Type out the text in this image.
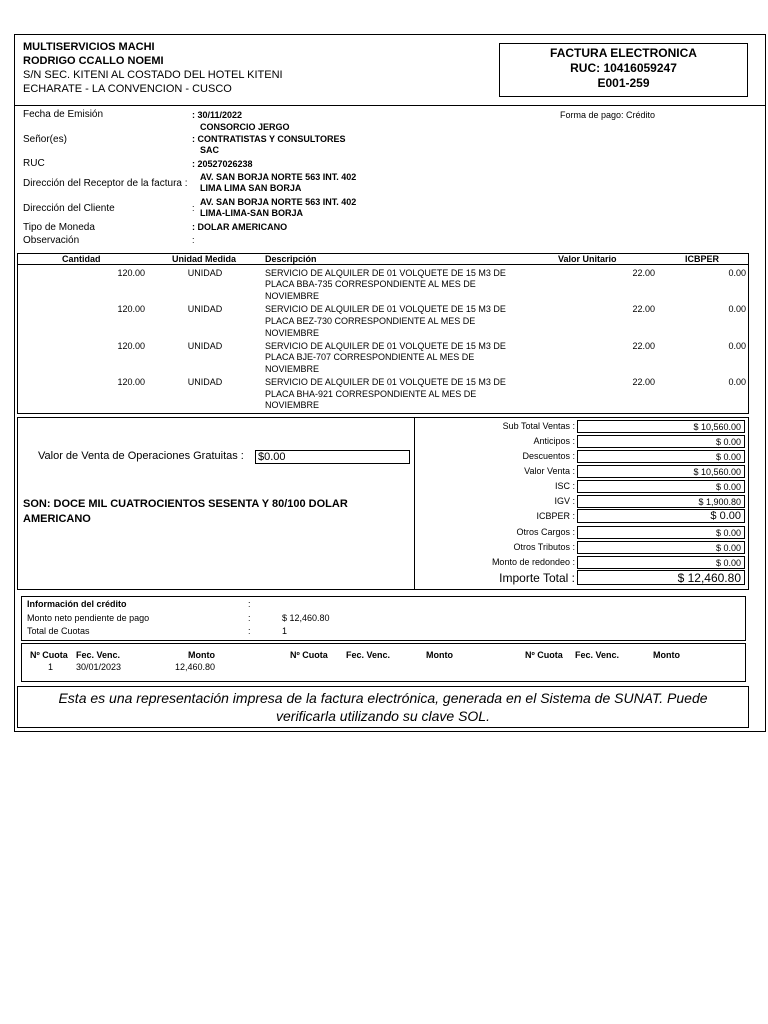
MULTISERVICIOS MACHI
RODRIGO CCALLO NOEMI
S/N SEC. KITENI AL COSTADO DEL HOTEL KITENI
ECHARATE - LA CONVENCION - CUSCO
FACTURA ELECTRONICA
RUC: 10416059247
E001-259
Fecha de Emisión	: 30/11/2022	Forma de pago: Crédito
Señor(es)
CONSORCIO JERGO
: CONTRATISTAS Y CONSULTORES
SAC
RUC	: 20527026238
Dirección del Receptor de la factura :
AV. SAN BORJA NORTE 563 INT. 402
LIMA LIMA SAN BORJA
Dirección del Cliente	:
AV. SAN BORJA NORTE 563 INT. 402
LIMA-LIMA-SAN BORJA
Tipo de Moneda	: DOLAR AMERICANO
Observación	:
Cantidad	Unidad Medida	Descripción	Valor Unitario	ICBPER
120.00	UNIDAD	SERVICIO DE ALQUILER DE 01 VOLQUETE DE 15 M3 DE
PLACA BBA-735 CORRESPONDIENTE AL MES DE
NOVIEMBRE
22.00	0.00
120.00	UNIDAD	SERVICIO DE ALQUILER DE 01 VOLQUETE DE 15 M3 DE
PLACA BEZ-730 CORRESPONDIENTE AL MES DE
NOVIEMBRE
22.00	0.00
120.00	UNIDAD	SERVICIO DE ALQUILER DE 01 VOLQUETE DE 15 M3 DE
PLACA BJE-707 CORRESPONDIENTE AL MES DE
NOVIEMBRE
22.00	0.00
120.00	UNIDAD	SERVICIO DE ALQUILER DE 01 VOLQUETE DE 15 M3 DE
PLACA BHA-921 CORRESPONDIENTE AL MES DE
NOVIEMBRE
22.00	0.00
Valor de Venta de Operaciones Gratuitas : $0.00
SON: DOCE MIL CUATROCIENTOS SESENTA Y 80/100 DOLAR
AMERICANO
Sub Total Ventas :	$ 10,560.00
Anticipos :	$ 0.00
Descuentos :	$ 0.00
Valor Venta :	$ 10,560.00
ISC :	$ 0.00
IGV :	$ 1,900.80
ICBPER :	$ 0.00
Otros Cargos :	$ 0.00
Otros Tributos :	$ 0.00
Monto de redondeo :	$ 0.00
Importe Total :	$ 12,460.80
Información del crédito	:
Monto neto pendiente de pago	:	$ 12,460.80
Total de Cuotas	:	1
Nº Cuota Fec. Venc.	Monto	Nº Cuota Fec. Venc.	Monto	Nº Cuota Fec. Venc.	Monto
1	30/01/2023	12,460.80
Esta es una representación impresa de la factura electrónica, generada en el Sistema de SUNAT. Puede
verificarla utilizando su clave SOL.
